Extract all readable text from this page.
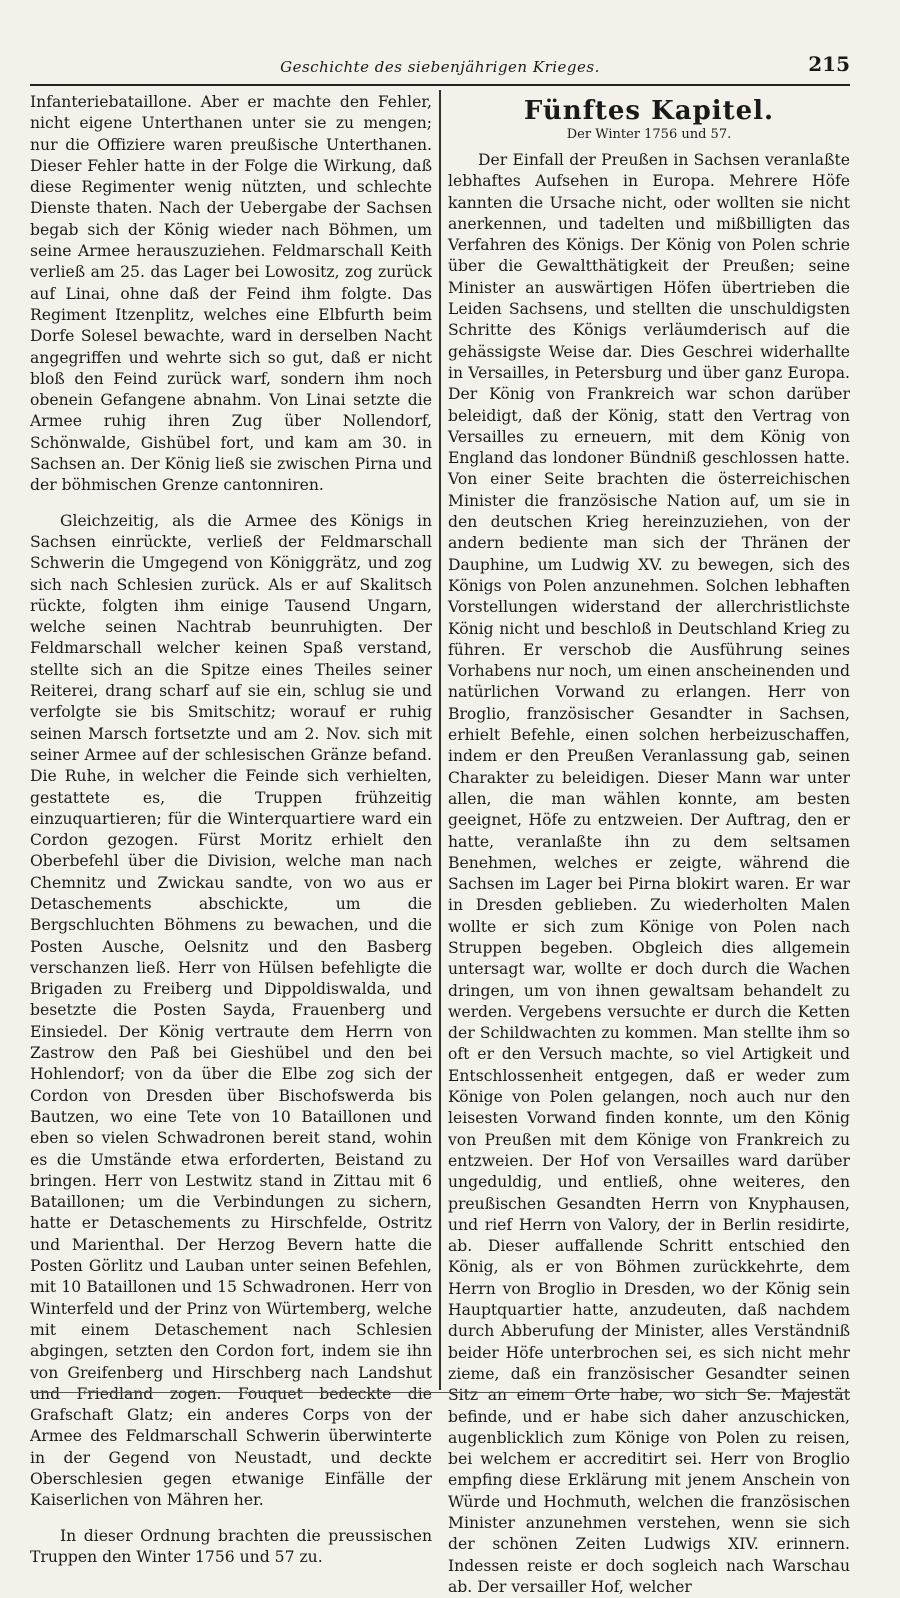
Geschichte des siebenjährigen Krieges.	215

Infanteriebataillone. Aber er machte den Fehler, nicht eigene Unterthanen unter sie zu mengen; nur die Offiziere waren preußische Unterthanen. Dieser Fehler hatte in der Folge die Wirkung, daß diese Regimenter wenig nützten, und schlechte Dienste thaten. Nach der Uebergabe der Sachsen begab sich der König wieder nach Böhmen, um seine Armee herauszuziehen. Feldmarschall Keith verließ am 25. das Lager bei Lowositz, zog zurück auf Linai, ohne daß der Feind ihm folgte. Das Regiment Itzenplitz, welches eine Elbfurth beim Dorfe Solesel bewachte, ward in derselben Nacht angegriffen und wehrte sich so gut, daß er nicht bloß den Feind zurück warf, sondern ihm noch obenein Gefangene abnahm. Von Linai setzte die Armee ruhig ihren Zug über Nollendorf, Schönwalde, Gishübel fort, und kam am 30. in Sachsen an. Der König ließ sie zwischen Pirna und der böhmischen Grenze cantonniren.

Gleichzeitig, als die Armee des Königs in Sachsen einrückte, verließ der Feldmarschall Schwerin die Umgegend von Königgrätz, und zog sich nach Schlesien zurück. Als er auf Skalitsch rückte, folgten ihm einige Tausend Ungarn, welche seinen Nachtrab beunruhigten. Der Feldmarschall welcher keinen Spaß verstand, stellte sich an die Spitze eines Theiles seiner Reiterei, drang scharf auf sie ein, schlug sie und verfolgte sie bis Smitschitz; worauf er ruhig seinen Marsch fortsetzte und am 2. Nov. sich mit seiner Armee auf der schlesischen Gränze befand. Die Ruhe, in welcher die Feinde sich verhielten, gestattete es, die Truppen frühzeitig einzuquartieren; für die Winterquartiere ward ein Cordon gezogen. Fürst Moritz erhielt den Oberbefehl über die Division, welche man nach Chemnitz und Zwickau sandte, von wo aus er Detaschements abschickte, um die Bergschluchten Böhmens zu bewachen, und die Posten Ausche, Oelsnitz und den Basberg verschanzen ließ. Herr von Hülsen befehligte die Brigaden zu Freiberg und Dippoldiswalda, und besetzte die Posten Sayda, Frauenberg und Einsiedel. Der König vertraute dem Herrn von Zastrow den Paß bei Gieshübel und den bei Hohlendorf; von da über die Elbe zog sich der Cordon von Dresden über Bischofswerda bis Bautzen, wo eine Tete von 10 Bataillonen und eben so vielen Schwadronen bereit stand, wohin es die Umstände etwa erforderten, Beistand zu bringen. Herr von Lestwitz stand in Zittau mit 6 Bataillonen; um die Verbindungen zu sichern, hatte er Detaschements zu Hirschfelde, Ostritz und Marienthal. Der Herzog Bevern hatte die Posten Görlitz und Lauban unter seinen Befehlen, mit 10 Bataillonen und 15 Schwadronen. Herr von Winterfeld und der Prinz von Würtemberg, welche mit einem Detaschement nach Schlesien abgingen, setzten den Cordon fort, indem sie ihn von Greifenberg und Hirschberg nach Landshut und Friedland zogen. Fouquet bedeckte die Grafschaft Glatz; ein anderes Corps von der Armee des Feldmarschall Schwerin überwinterte in der Gegend von Neustadt, und deckte Oberschlesien gegen etwanige Einfälle der Kaiserlichen von Mähren her.

In dieser Ordnung brachten die preussischen Truppen den Winter 1756 und 57 zu.

Fünftes Kapitel.
Der Winter 1756 und 57.

Der Einfall der Preußen in Sachsen veranlaßte lebhaftes Aufsehen in Europa. Mehrere Höfe kannten die Ursache nicht, oder wollten sie nicht anerkennen, und tadelten und mißbilligten das Verfahren des Königs. Der König von Polen schrie über die Gewaltthätigkeit der Preußen; seine Minister an auswärtigen Höfen übertrieben die Leiden Sachsens, und stellten die unschuldigsten Schritte des Königs verläumderisch auf die gehässigste Weise dar. Dies Geschrei widerhallte in Versailles, in Petersburg und über ganz Europa. Der König von Frankreich war schon darüber beleidigt, daß der König, statt den Vertrag von Versailles zu erneuern, mit dem König von England das londoner Bündniß geschlossen hatte. Von einer Seite brachten die österreichischen Minister die französische Nation auf, um sie in den deutschen Krieg hereinzuziehen, von der andern bediente man sich der Thränen der Dauphine, um Ludwig XV. zu bewegen, sich des Königs von Polen anzunehmen. Solchen lebhaften Vorstellungen widerstand der allerchristlichste König nicht und beschloß in Deutschland Krieg zu führen. Er verschob die Ausführung seines Vorhabens nur noch, um einen anscheinenden und natürlichen Vorwand zu erlangen. Herr von Broglio, französischer Gesandter in Sachsen, erhielt Befehle, einen solchen herbeizuschaffen, indem er den Preußen Veranlassung gab, seinen Charakter zu beleidigen. Dieser Mann war unter allen, die man wählen konnte, am besten geeignet, Höfe zu entzweien. Der Auftrag, den er hatte, veranlaßte ihn zu dem seltsamen Benehmen, welches er zeigte, während die Sachsen im Lager bei Pirna blokirt waren. Er war in Dresden geblieben. Zu wiederholten Malen wollte er sich zum Könige von Polen nach Struppen begeben. Obgleich dies allgemein untersagt war, wollte er doch durch die Wachen dringen, um von ihnen gewaltsam behandelt zu werden. Vergebens versuchte er durch die Ketten der Schildwachten zu kommen. Man stellte ihm so oft er den Versuch machte, so viel Artigkeit und Entschlossenheit entgegen, daß er weder zum Könige von Polen gelangen, noch auch nur den leisesten Vorwand finden konnte, um den König von Preußen mit dem Könige von Frankreich zu entzweien. Der Hof von Versailles ward darüber ungeduldig, und entließ, ohne weiteres, den preußischen Gesandten Herrn von Knyphausen, und rief Herrn von Valory, der in Berlin residirte, ab. Dieser auffallende Schritt entschied den König, als er von Böhmen zurückkehrte, dem Herrn von Broglio in Dresden, wo der König sein Hauptquartier hatte, anzudeuten, daß nachdem durch Abberufung der Minister, alles Verständniß beider Höfe unterbrochen sei, es sich nicht mehr zieme, daß ein französischer Gesandter seinen Sitz an einem Orte habe, wo sich Se. Majestät befinde, und er habe sich daher anzuschicken, augenblicklich zum Könige von Polen zu reisen, bei welchem er accreditirt sei. Herr von Broglio empfing diese Erklärung mit jenem Anschein von Würde und Hochmuth, welchen die französischen Minister anzunehmen verstehen, wenn sie sich der schönen Zeiten Ludwigs XIV. erinnern. Indessen reiste er doch sogleich nach Warschau ab. Der versailler Hof, welcher
